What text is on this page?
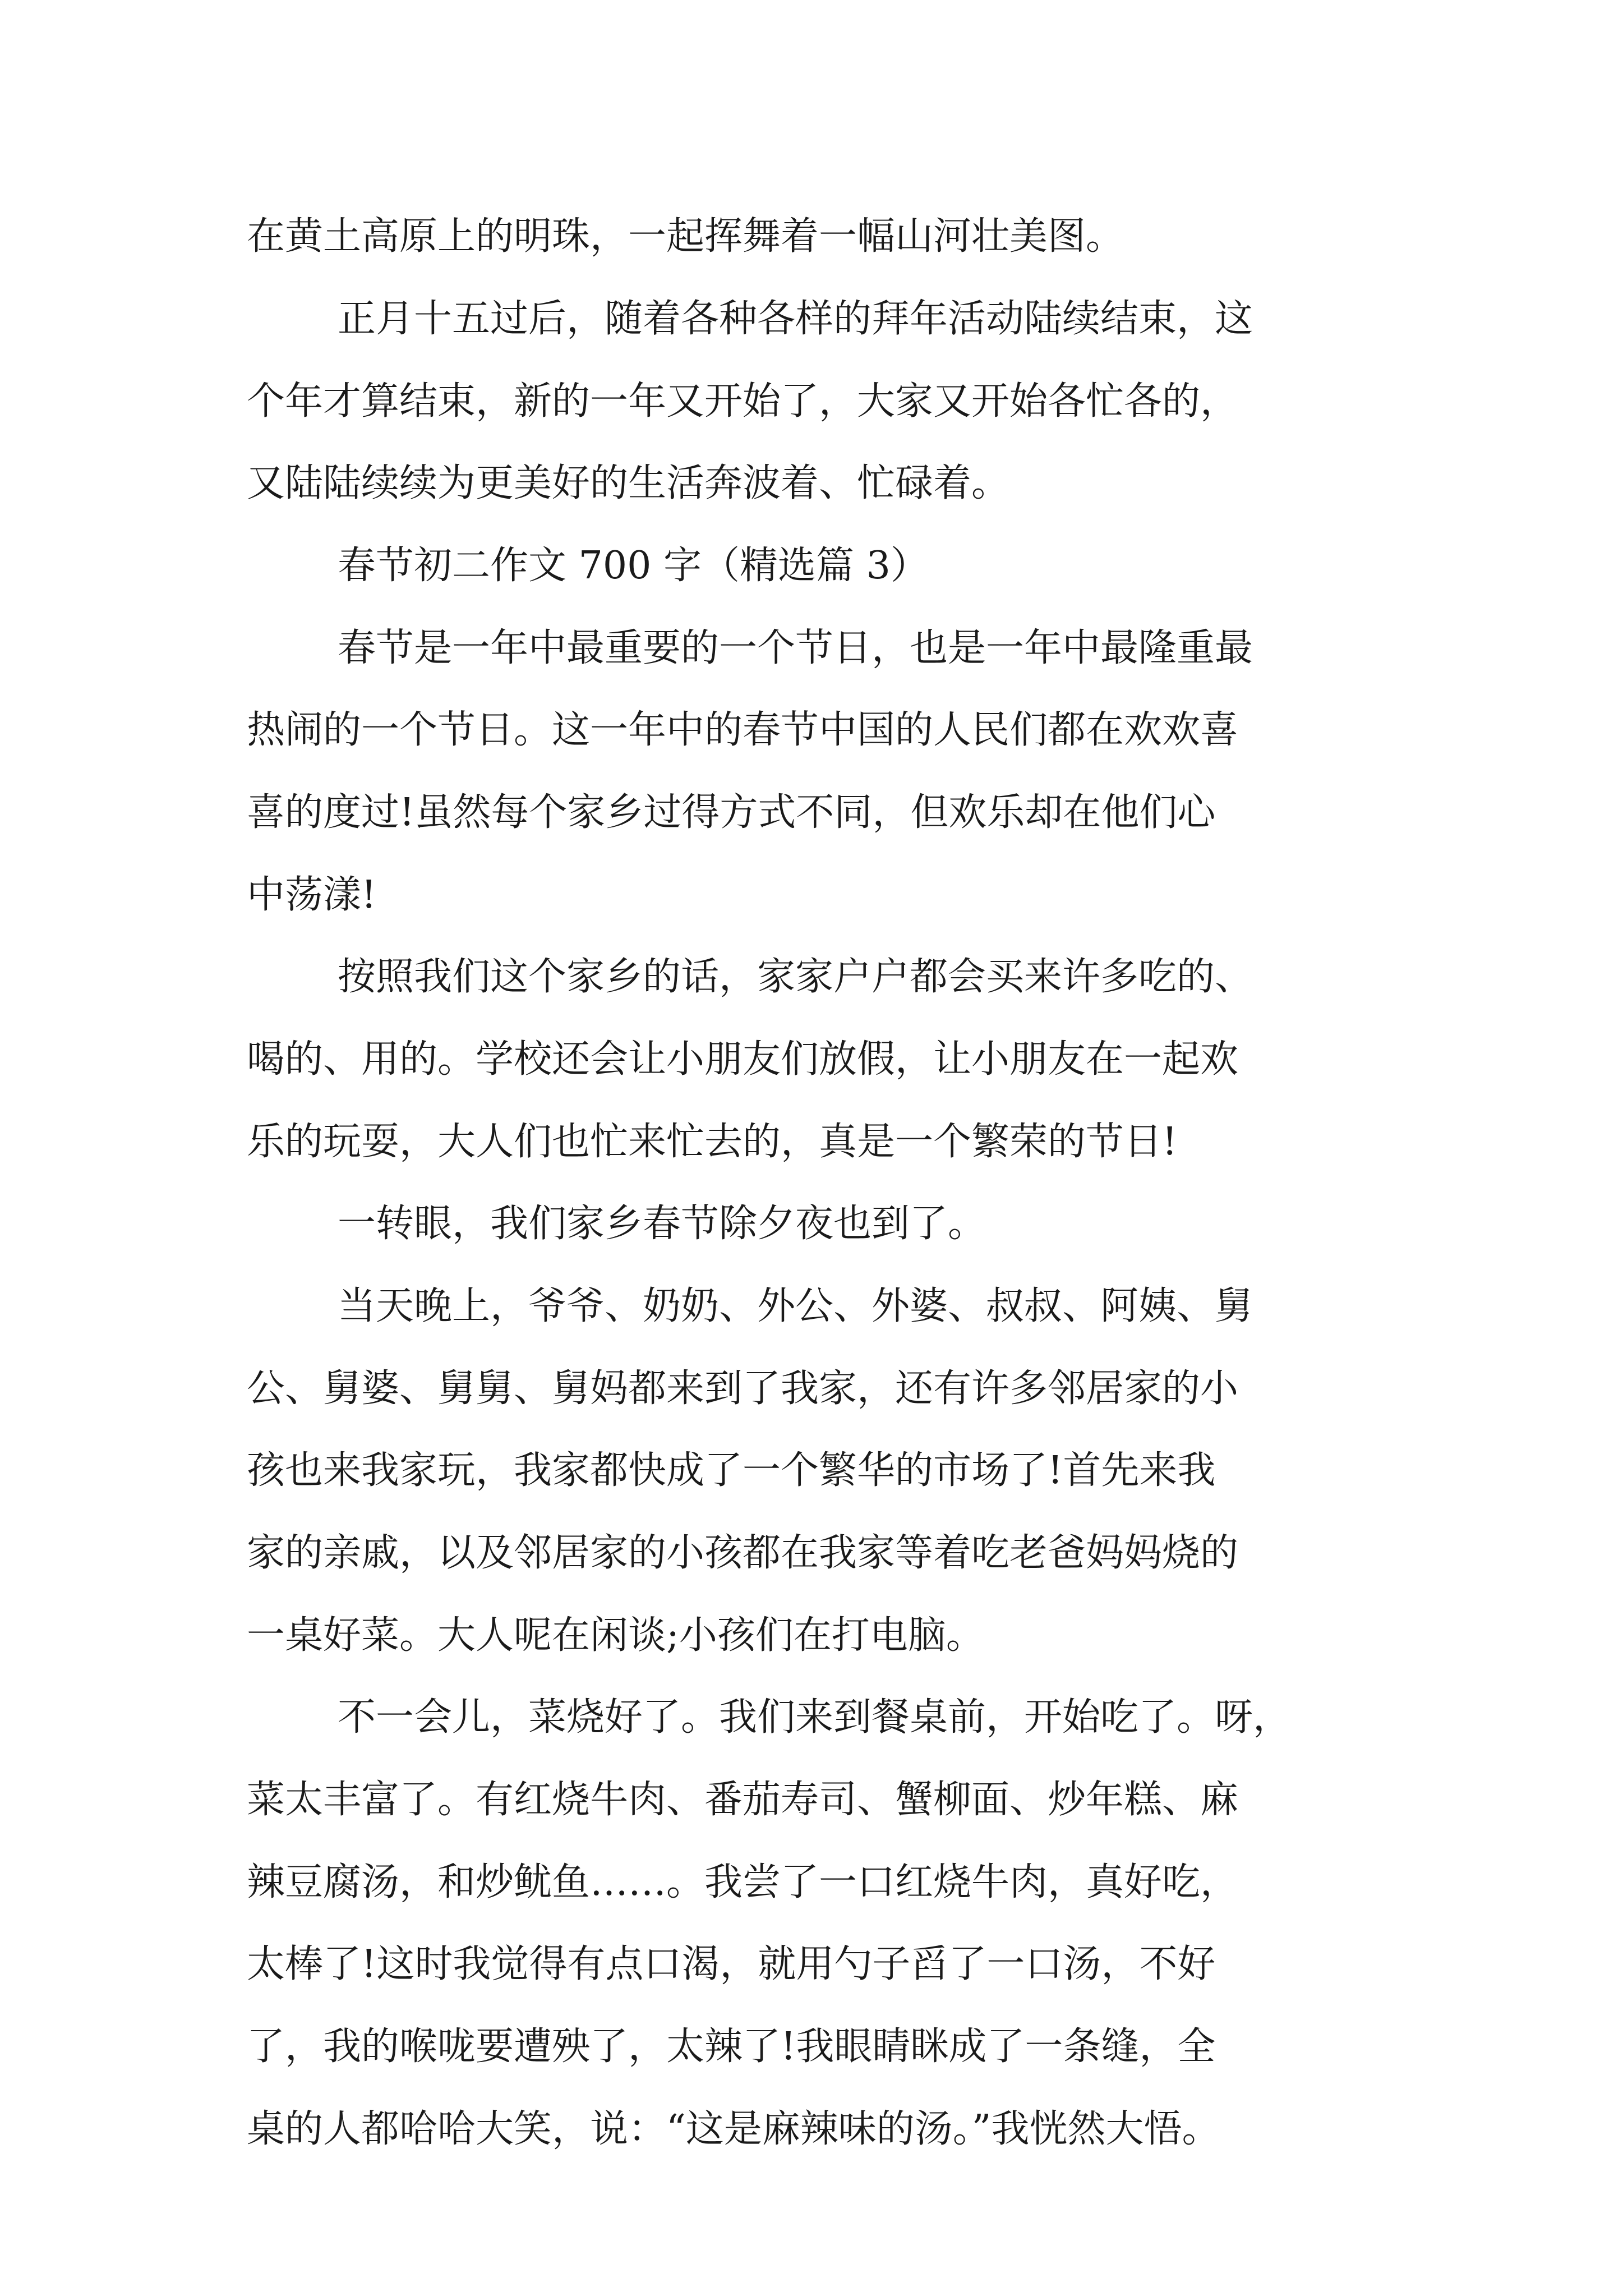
在黄土高原上的明珠，一起挥舞着一幅山河壮美图。
正月十五过后，随着各种各样的拜年活动陆续结束，这
个年才算结束，新的一年又开始了，大家又开始各忙各的，
又陆陆续续为更美好的生活奔波着、忙碌着。
春节初二作文 700 字（精选篇 3）
春节是一年中最重要的一个节日，也是一年中最隆重最
热闹的一个节日。这一年中的春节中国的人民们都在欢欢喜
喜的度过!虽然每个家乡过得方式不同，但欢乐却在他们心
中荡漾!
按照我们这个家乡的话，家家户户都会买来许多吃的、
喝的、用的。学校还会让小朋友们放假，让小朋友在一起欢
乐的玩耍，大人们也忙来忙去的，真是一个繁荣的节日!
一转眼，我们家乡春节除夕夜也到了。
当天晚上，爷爷、奶奶、外公、外婆、叔叔、阿姨、舅
公、舅婆、舅舅、舅妈都来到了我家，还有许多邻居家的小
孩也来我家玩，我家都快成了一个繁华的市场了!首先来我
家的亲戚，以及邻居家的小孩都在我家等着吃老爸妈妈烧的
一桌好菜。大人呢在闲谈;小孩们在打电脑。
不一会儿，菜烧好了。我们来到餐桌前，开始吃了。呀，
菜太丰富了。有红烧牛肉、番茄寿司、蟹柳面、炒年糕、麻
辣豆腐汤，和炒鱿鱼……。我尝了一口红烧牛肉，真好吃，
太棒了!这时我觉得有点口渴，就用勺子舀了一口汤，不好
了，我的喉咙要遭殃了，太辣了!我眼睛眯成了一条缝，全
桌的人都哈哈大笑，说：“这是麻辣味的汤。”我恍然大悟。
